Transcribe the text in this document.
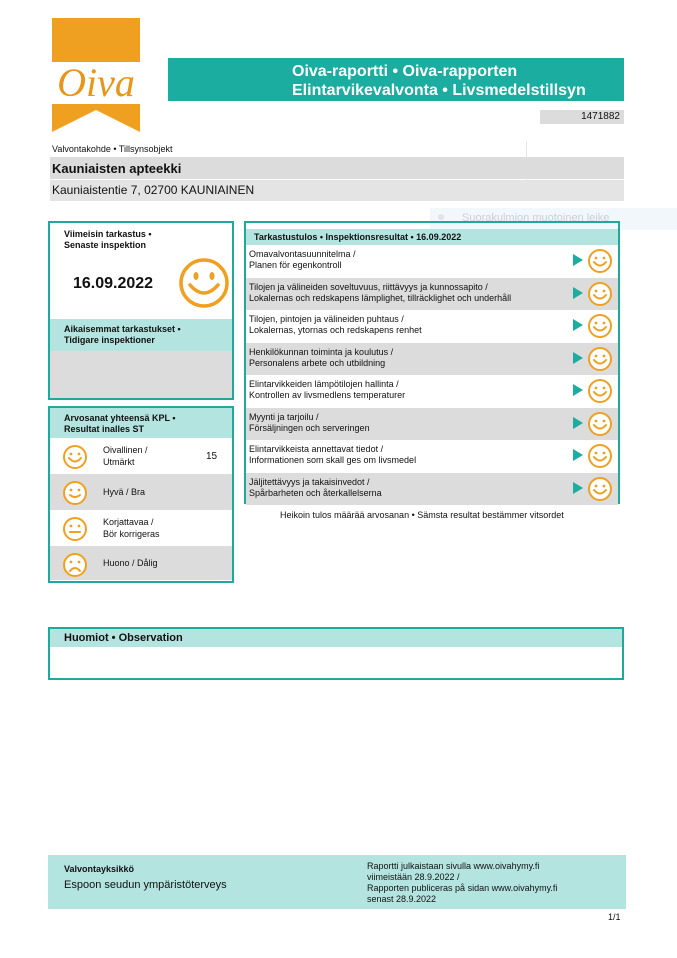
Oiva	Oiva-raportti • Oiva-rapporten
Elintarvikevalvonta • Livsmedelstillsyn
1471882
Valvontakohde • Tillsynsobjekt
Kauniaisten apteekki
Kauniaistentie 7, 02700 KAUNIAINEN
Suorakulmion muotoinen leike
Viimeisin tarkastus •
Senaste inspektion
16.09.2022
Aikaisemmat tarkastukset •
Tidigare inspektioner
Arvosanat yhteensä KPL •
Resultat inalles ST
Oivallinen /
Utmärkt	15
Hyvä / Bra
Korjattavaa /
Bör korrigeras
Huono / Dålig
Tarkastustulos • Inspektionsresultat • 16.09.2022
Omavalvontasuunnitelma /
Planen för egenkontroll
Tilojen ja välineiden soveltuvuus, riittävyys ja kunnossapito /
Lokalernas och redskapens lämplighet, tillräcklighet och underhåll
Tilojen, pintojen ja välineiden puhtaus /
Lokalernas, ytornas och redskapens renhet
Henkilökunnan toiminta ja koulutus /
Personalens arbete och utbildning
Elintarvikkeiden lämpötilojen hallinta /
Kontrollen av livsmedlens temperaturer
Myynti ja tarjoilu /
Försäljningen och serveringen
Elintarvikkeista annettavat tiedot /
Informationen som skall ges om livsmedel
Jäljitettävyys ja takaisinvedot /
Spårbarheten och återkallelserna
Heikoin tulos määrää arvosanan • Sämsta resultat bestämmer vitsordet
Huomiot • Observation
Valvontayksikkö
Espoon seudun ympäristöterveys
Raportti julkaistaan sivulla www.oivahymy.fi
viimeistään 28.9.2022 /
Rapporten publiceras på sidan www.oivahymy.fi
senast 28.9.2022
1/1
